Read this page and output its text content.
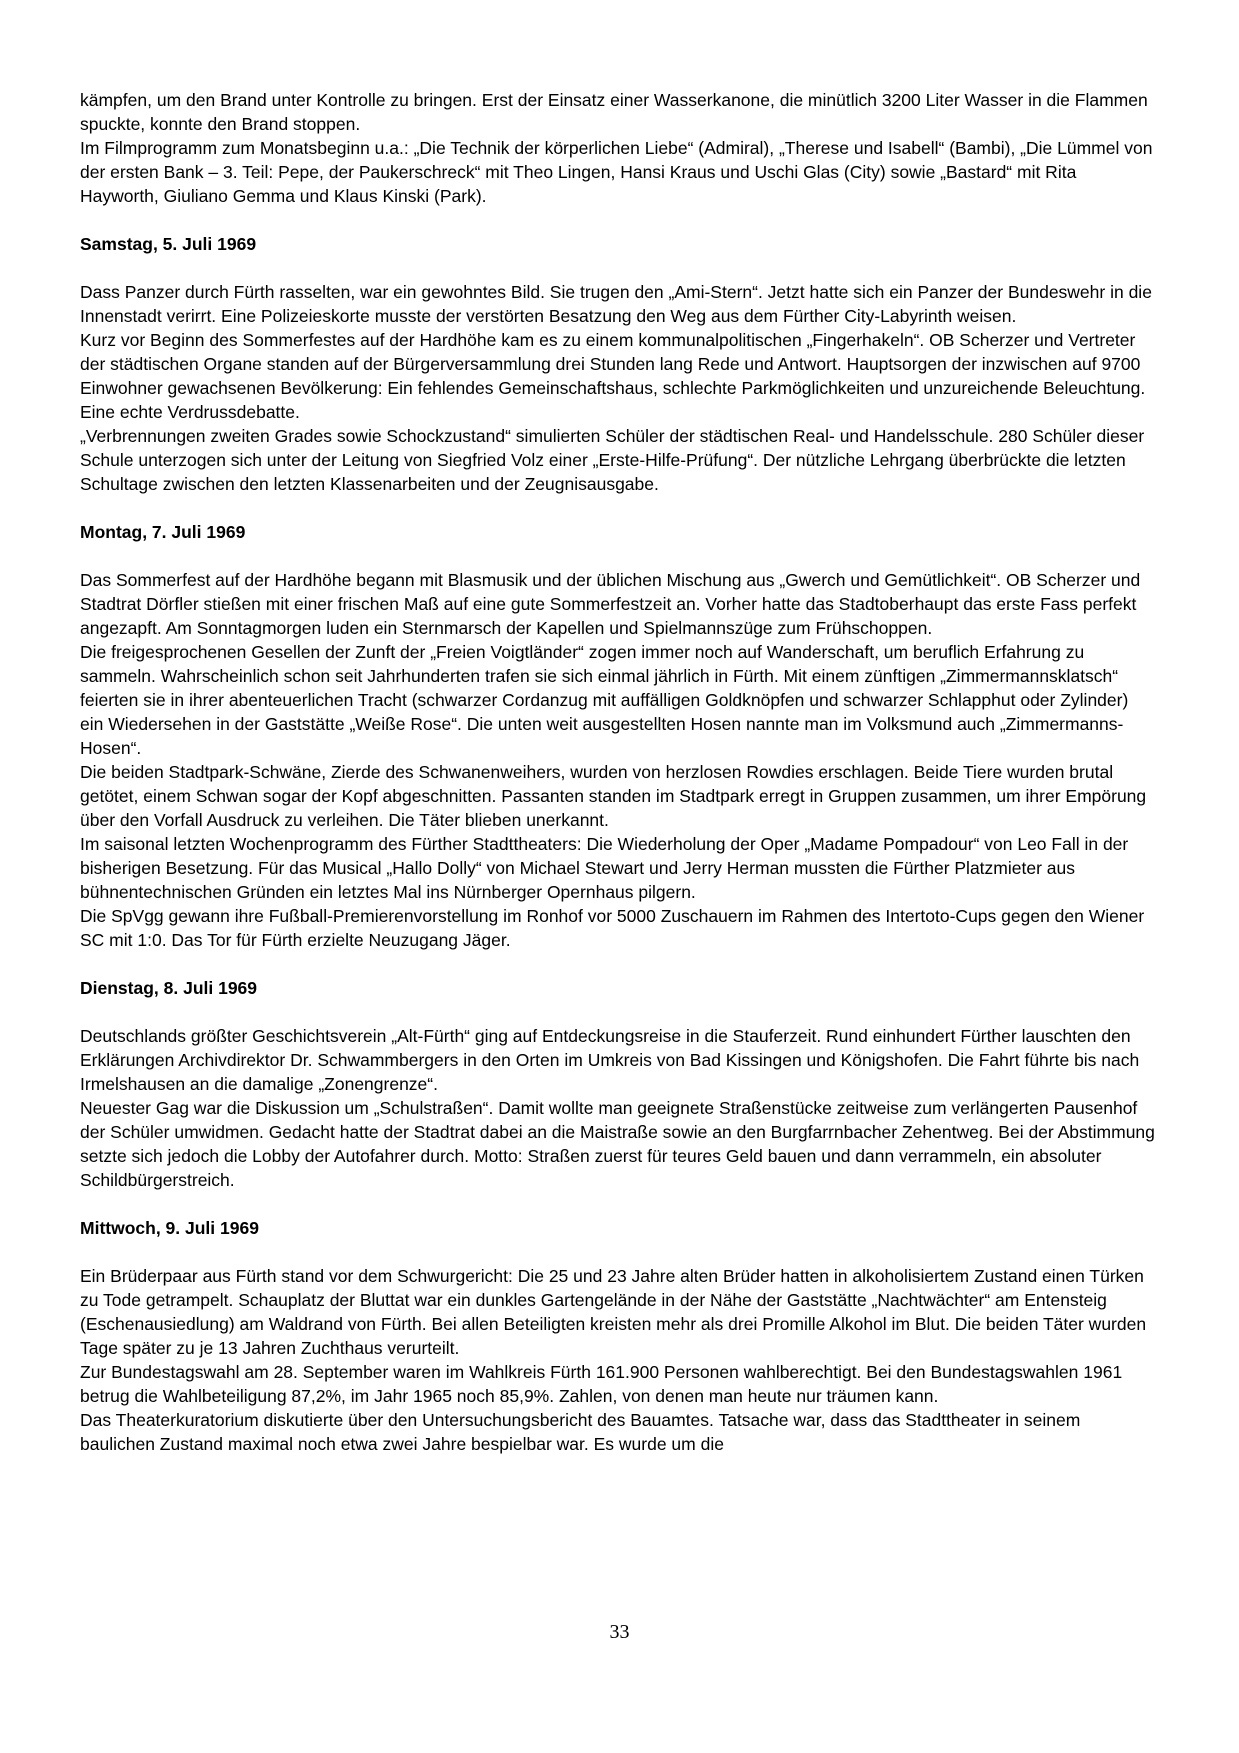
kämpfen, um den Brand unter Kontrolle zu bringen. Erst der Einsatz einer Wasserkanone, die minütlich 3200 Liter Wasser in die Flammen spuckte, konnte den Brand stoppen.
Im Filmprogramm zum Monatsbeginn u.a.: „Die Technik der körperlichen Liebe“ (Admiral), „Therese und Isabell“ (Bambi), „Die Lümmel von der ersten Bank – 3. Teil: Pepe, der Paukerschreck“ mit Theo Lingen, Hansi Kraus und Uschi Glas (City) sowie „Bastard“ mit Rita Hayworth, Giuliano Gemma und Klaus Kinski (Park).
Samstag, 5. Juli 1969
Dass Panzer durch Fürth rasselten, war ein gewohntes Bild. Sie trugen den „Ami-Stern“. Jetzt hatte sich ein Panzer der Bundeswehr in die Innenstadt verirrt. Eine Polizeieskorte musste der verstörten Besatzung den Weg aus dem Fürther City-Labyrinth weisen.
Kurz vor Beginn des Sommerfestes auf der Hardhöhe kam es zu einem kommunalpolitischen „Fingerhakeln“. OB Scherzer und Vertreter der städtischen Organe standen auf der Bürgerversammlung drei Stunden lang Rede und Antwort. Hauptsorgen der inzwischen auf 9700 Einwohner gewachsenen Bevölkerung: Ein fehlendes Gemeinschaftshaus, schlechte Parkmöglichkeiten und unzureichende Beleuchtung. Eine echte Verdrussdebatte.
„Verbrennungen zweiten Grades sowie Schockzustand“ simulierten Schüler der städtischen Real- und Handelsschule. 280 Schüler dieser Schule unterzogen sich unter der Leitung von Siegfried Volz einer „Erste-Hilfe-Prüfung“. Der nützliche Lehrgang überbrückte die letzten Schultage zwischen den letzten Klassenarbeiten und der Zeugnisausgabe.
Montag, 7. Juli 1969
Das Sommerfest auf der Hardhöhe begann mit Blasmusik und der üblichen Mischung aus „Gwerch und Gemütlichkeit“. OB Scherzer und Stadtrat Dörfler stießen mit einer frischen Maß auf eine gute Sommerfestzeit an. Vorher hatte das Stadtoberhaupt das erste Fass perfekt angezapft. Am Sonntagmorgen luden ein Sternmarsch der Kapellen und Spielmannszüge zum Frühschoppen.
Die freigesprochenen Gesellen der Zunft der „Freien Voigtländer“ zogen immer noch auf Wanderschaft, um beruflich Erfahrung zu sammeln. Wahrscheinlich schon seit Jahrhunderten trafen sie sich einmal jährlich in Fürth. Mit einem zünftigen „Zimmermannsklatsch“ feierten sie in ihrer abenteuerlichen Tracht (schwarzer Cordanzug mit auffälligen Goldknöpfen und schwarzer Schlapphut oder Zylinder) ein Wiedersehen in der Gaststätte „Weiße Rose“. Die unten weit ausgestellten Hosen nannte man im Volksmund auch „Zimmermanns-Hosen“.
Die beiden Stadtpark-Schwäne, Zierde des Schwanenweihers, wurden von herzlosen Rowdies erschlagen. Beide Tiere wurden brutal getötet, einem Schwan sogar der Kopf abgeschnitten. Passanten standen im Stadtpark erregt in Gruppen zusammen, um ihrer Empörung über den Vorfall Ausdruck zu verleihen. Die Täter blieben unerkannt.
Im saisonal letzten Wochenprogramm des Fürther Stadttheaters: Die Wiederholung der Oper „Madame Pompadour“ von Leo Fall in der bisherigen Besetzung. Für das Musical „Hallo Dolly“ von Michael Stewart und Jerry Herman mussten die Fürther Platzmieter aus bühnentechnischen Gründen ein letztes Mal ins Nürnberger Opernhaus pilgern.
Die SpVgg gewann ihre Fußball-Premierenvorstellung im Ronhof vor 5000 Zuschauern im Rahmen des Intertoto-Cups gegen den Wiener SC mit 1:0. Das Tor für Fürth erzielte Neuzugang Jäger.
Dienstag, 8. Juli 1969
Deutschlands größter Geschichtsverein „Alt-Fürth“ ging auf Entdeckungsreise in die Stauferzeit. Rund einhundert Fürther lauschten den Erklärungen Archivdirektor Dr. Schwammbergers in den Orten im Umkreis von Bad Kissingen und Königshofen. Die Fahrt führte bis nach Irmelshausen an die damalige „Zonengrenze“.
Neuester Gag war die Diskussion um „Schulstraßen“. Damit wollte man geeignete Straßenstücke zeitweise zum verlängerten Pausenhof der Schüler umwidmen. Gedacht hatte der Stadtrat dabei an die Maistraße sowie an den Burgfarrnbacher Zehentweg. Bei der Abstimmung setzte sich jedoch die Lobby der Autofahrer durch. Motto: Straßen zuerst für teures Geld bauen und dann verrammeln, ein absoluter Schildbürgerstreich.
Mittwoch, 9. Juli 1969
Ein Brüderpaar aus Fürth stand vor dem Schwurgericht: Die 25 und 23 Jahre alten Brüder hatten in alkoholisiertem Zustand einen Türken zu Tode getrampelt. Schauplatz der Bluttat war ein dunkles Gartengelände in der Nähe der Gaststätte „Nachtwächter“ am Entensteig (Eschenausiedlung) am Waldrand von Fürth. Bei allen Beteiligten kreisten mehr als drei Promille Alkohol im Blut. Die beiden Täter wurden Tage später zu je 13 Jahren Zuchthaus verurteilt.
Zur Bundestagswahl am 28. September waren im Wahlkreis Fürth 161.900 Personen wahlberechtigt. Bei den Bundestagswahlen 1961 betrug die Wahlbeteiligung 87,2%, im Jahr 1965 noch 85,9%. Zahlen, von denen man heute nur träumen kann.
Das Theaterkuratorium diskutierte über den Untersuchungsbericht des Bauamtes. Tatsache war, dass das Stadttheater in seinem baulichen Zustand maximal noch etwa zwei Jahre bespielbar war. Es wurde um die
33
